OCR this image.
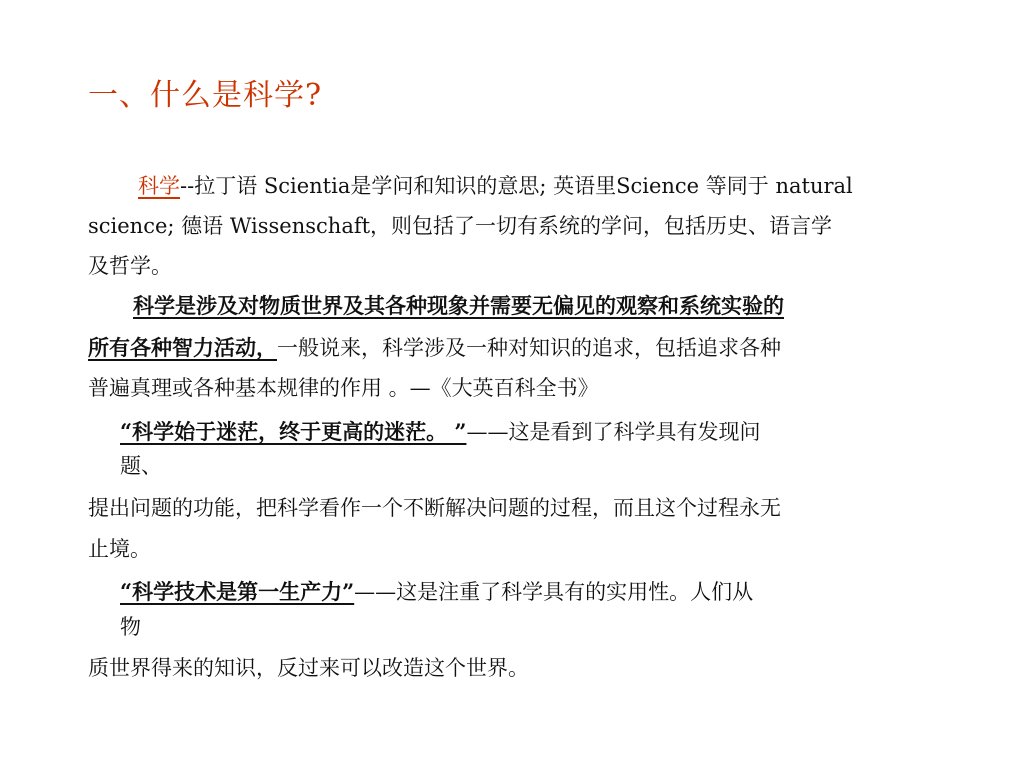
一、什么是科学?
科学--拉丁语 Scientia是学问和知识的意思; 英语里Science 等同于 natural
science; 德语 Wissenschaft，则包括了一切有系统的学问，包括历史、语言学
及哲学。
科学是涉及对物质世界及其各种现象并需要无偏见的观察和系统实验的
所有各种智力活动，一般说来，科学涉及一种对知识的追求，包括追求各种
普遍真理或各种基本规律的作用 。—《大英百科全书》
“科学始于迷茫，终于更高的迷茫。 ”——这是看到了科学具有发现问
题、
提出问题的功能，把科学看作一个不断解决问题的过程，而且这个过程永无
止境。
“科学技术是第一生产力”——这是注重了科学具有的实用性。人们从
物
质世界得来的知识，反过来可以改造这个世界。
